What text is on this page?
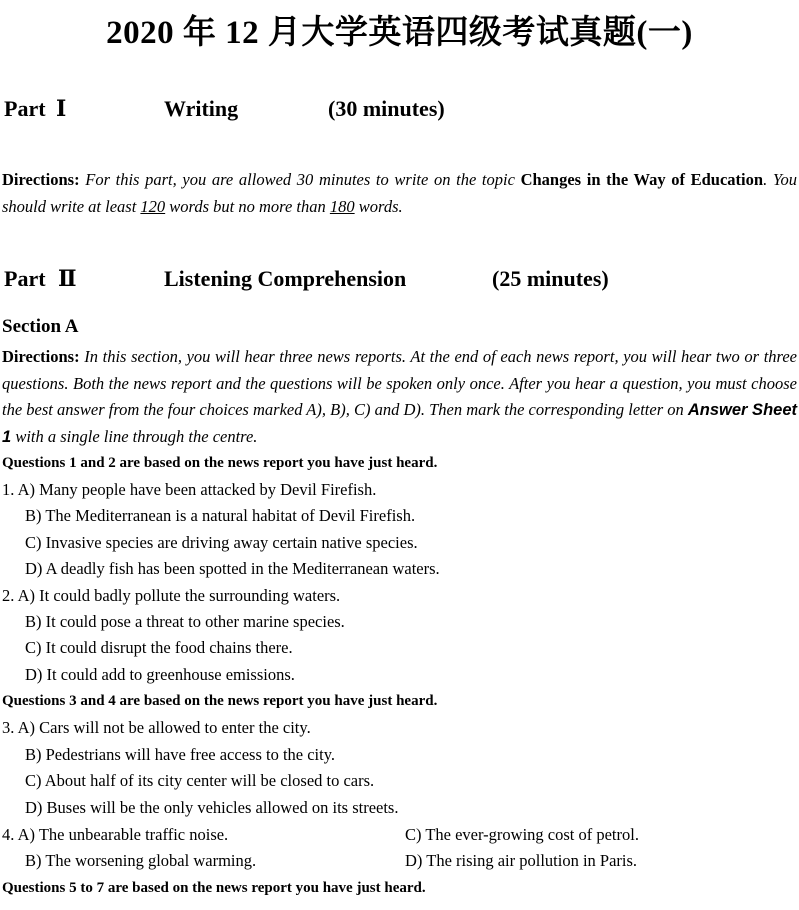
2020 年 12 月大学英语四级考试真题(一)
Part Ⅰ	Writing	(30 minutes)
Directions: For this part, you are allowed 30 minutes to write on the topic Changes in the Way of Education. You should write at least 120 words but no more than 180 words.
Part Ⅱ	Listening Comprehension	(25 minutes)
Section A
Directions: In this section, you will hear three news reports. At the end of each news report, you will hear two or three questions. Both the news report and the questions will be spoken only once. After you hear a question, you must choose the best answer from the four choices marked A), B), C) and D). Then mark the corresponding letter on Answer Sheet 1 with a single line through the centre.
Questions 1 and 2 are based on the news report you have just heard.
1. A) Many people have been attacked by Devil Firefish.
B) The Mediterranean is a natural habitat of Devil Firefish.
C) Invasive species are driving away certain native species.
D) A deadly fish has been spotted in the Mediterranean waters.
2. A) It could badly pollute the surrounding waters.
B) It could pose a threat to other marine species.
C) It could disrupt the food chains there.
D) It could add to greenhouse emissions.
Questions 3 and 4 are based on the news report you have just heard.
3. A) Cars will not be allowed to enter the city.
B) Pedestrians will have free access to the city.
C) About half of its city center will be closed to cars.
D) Buses will be the only vehicles allowed on its streets.
4. A) The unbearable traffic noise.	C) The ever-growing cost of petrol.
B) The worsening global warming.	D) The rising air pollution in Paris.
Questions 5 to 7 are based on the news report you have just heard.
